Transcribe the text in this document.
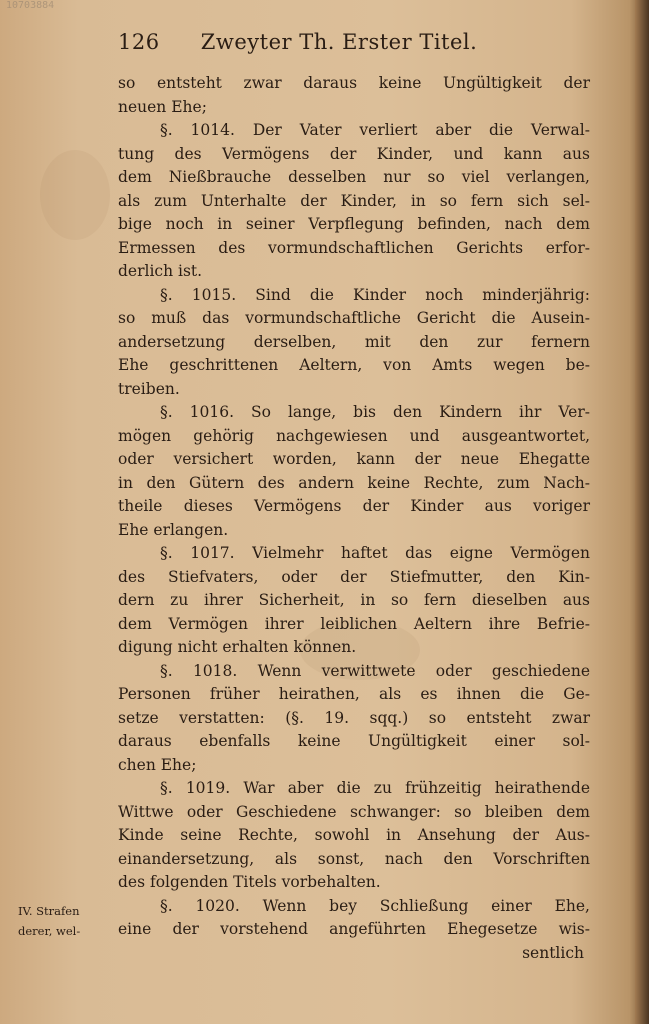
10703884
126 Zweyter Th. Erster Titel.
so entsteht zwar daraus keine Ungültigkeit der
neuen Ehe;
§. 1014. Der Vater verliert aber die Verwal-
tung des Vermögens der Kinder, und kann aus
dem Nießbrauche desselben nur so viel verlangen,
als zum Unterhalte der Kinder, in so fern sich sel-
bige noch in seiner Verpflegung befinden, nach dem
Ermessen des vormundschaftlichen Gerichts erfor-
derlich ist.
§. 1015. Sind die Kinder noch minderjährig:
so muß das vormundschaftliche Gericht die Ausein-
andersetzung derselben, mit den zur fernern
Ehe geschrittenen Aeltern, von Amts wegen be-
treiben.
§. 1016. So lange, bis den Kindern ihr Ver-
mögen gehörig nachgewiesen und ausgeantwortet,
oder versichert worden, kann der neue Ehegatte
in den Gütern des andern keine Rechte, zum Nach-
theile dieses Vermögens der Kinder aus voriger
Ehe erlangen.
§. 1017. Vielmehr haftet das eigne Vermögen
des Stiefvaters, oder der Stiefmutter, den Kin-
dern zu ihrer Sicherheit, in so fern dieselben aus
dem Vermögen ihrer leiblichen Aeltern ihre Befrie-
digung nicht erhalten können.
§. 1018. Wenn verwittwete oder geschiedene
Personen früher heirathen, als es ihnen die Ge-
setze verstatten: (§. 19. sqq.) so entsteht zwar
daraus ebenfalls keine Ungültigkeit einer sol-
chen Ehe;
§. 1019. War aber die zu frühzeitig heirathende
Wittwe oder Geschiedene schwanger: so bleiben dem
Kinde seine Rechte, sowohl in Ansehung der Aus-
einandersetzung, als sonst, nach den Vorschriften
des folgenden Titels vorbehalten.
§. 1020. Wenn bey Schließung einer Ehe,
eine der vorstehend angeführten Ehegesetze wis-
sentlich
IV. Strafen
derer, wel-
